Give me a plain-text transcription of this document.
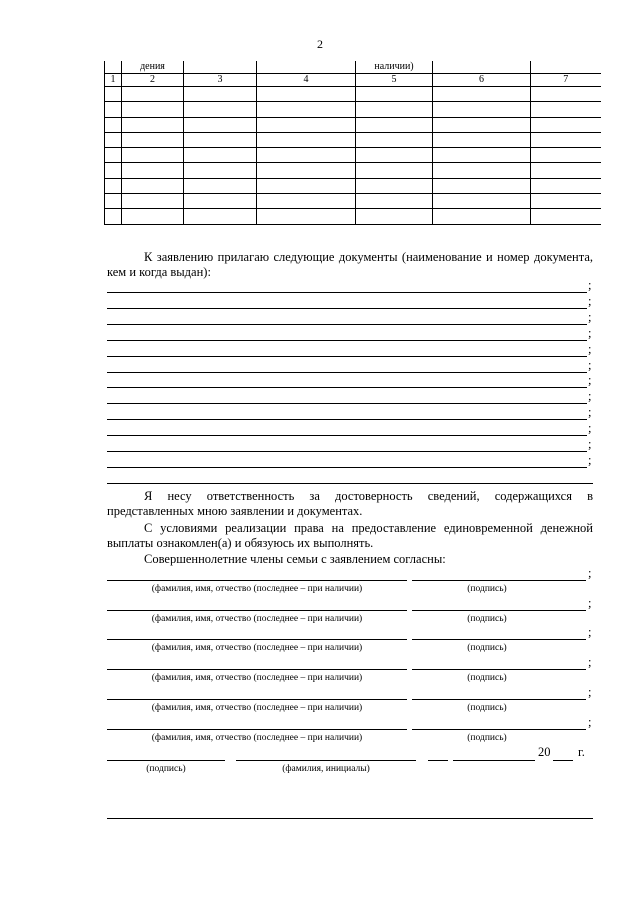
2
	дения			наличии)		
1	2	3	4	5	6	7

К заявлению прилагаю следующие документы (наименование и номер документа, кем и когда выдан):
;
;
;
;
;
;
;
;
;
;
;
;
Я несу ответственность за достоверность сведений, содержащихся в представленных мною заявлении и документах.
С условиями реализации права на предоставление единовременной денежной выплаты ознакомлен(а) и обязуюсь их выполнять.
Совершеннолетние члены семьи с заявлением согласны:
;
(фамилия, имя, отчество (последнее – при наличии)	(подпись)
;
(фамилия, имя, отчество (последнее – при наличии)	(подпись)
;
(фамилия, имя, отчество (последнее – при наличии)	(подпись)
;
(фамилия, имя, отчество (последнее – при наличии)	(подпись)
;
(фамилия, имя, отчество (последнее – при наличии)	(подпись)
;
(фамилия, имя, отчество (последнее – при наличии)	(подпись)
20 г.
(подпись)	(фамилия, инициалы)
